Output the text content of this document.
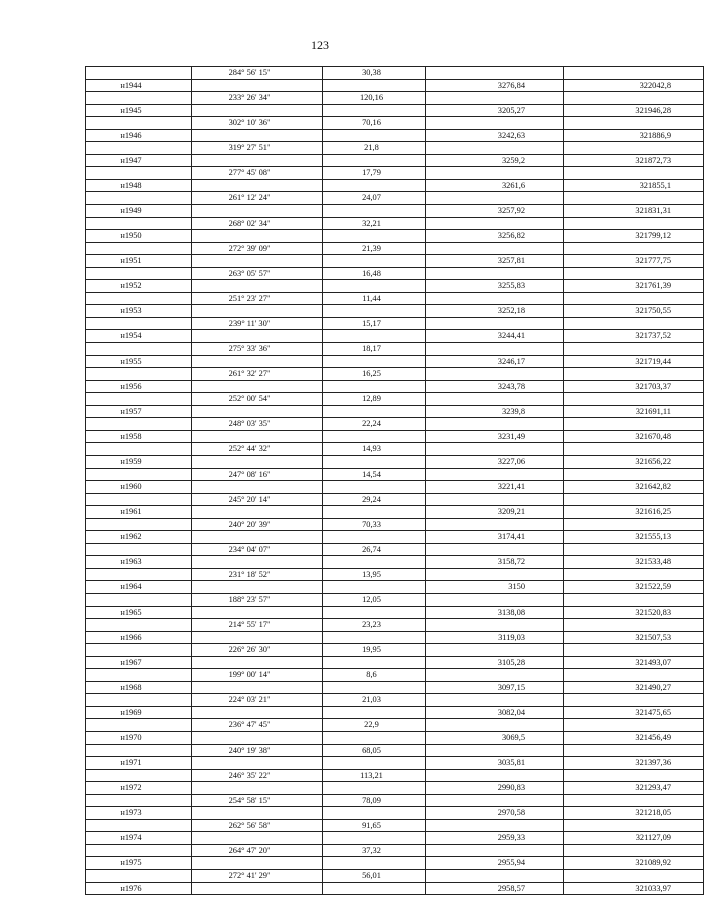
123
	284° 56' 15"	30,38		
н1944			3276,84	322042,8
	233° 26' 34"	120,16		
н1945			3205,27	321946,28
	302° 10' 36"	70,16		
н1946			3242,63	321886,9
	319° 27' 51"	21,8		
н1947			3259,2	321872,73
	277° 45' 08"	17,79		
н1948			3261,6	321855,1
	261° 12' 24"	24,07		
н1949			3257,92	321831,31
	268° 02' 34"	32,21		
н1950			3256,82	321799,12
	272° 39' 09"	21,39		
н1951			3257,81	321777,75
	263° 05' 57"	16,48		
н1952			3255,83	321761,39
	251° 23' 27"	11,44		
н1953			3252,18	321750,55
	239° 11' 30"	15,17		
н1954			3244,41	321737,52
	275° 33' 36"	18,17		
н1955			3246,17	321719,44
	261° 32' 27"	16,25		
н1956			3243,78	321703,37
	252° 00' 54"	12,89		
н1957			3239,8	321691,11
	248° 03' 35"	22,24		
н1958			3231,49	321670,48
	252° 44' 32"	14,93		
н1959			3227,06	321656,22
	247° 08' 16"	14,54		
н1960			3221,41	321642,82
	245° 20' 14"	29,24		
н1961			3209,21	321616,25
	240° 20' 39"	70,33		
н1962			3174,41	321555,13
	234° 04' 07"	26,74		
н1963			3158,72	321533,48
	231° 18' 52"	13,95		
н1964			3150	321522,59
	188° 23' 57"	12,05		
н1965			3138,08	321520,83
	214° 55' 17"	23,23		
н1966			3119,03	321507,53
	226° 26' 30"	19,95		
н1967			3105,28	321493,07
	199° 00' 14"	8,6		
н1968			3097,15	321490,27
	224° 03' 21"	21,03		
н1969			3082,04	321475,65
	236° 47' 45"	22,9		
н1970			3069,5	321456,49
	240° 19' 38"	68,05		
н1971			3035,81	321397,36
	246° 35' 22"	113,21		
н1972			2990,83	321293,47
	254° 58' 15"	78,09		
н1973			2970,58	321218,05
	262° 56' 58"	91,65		
н1974			2959,33	321127,09
	264° 47' 20"	37,32		
н1975			2955,94	321089,92
	272° 41' 29"	56,01		
н1976			2958,57	321033,97
